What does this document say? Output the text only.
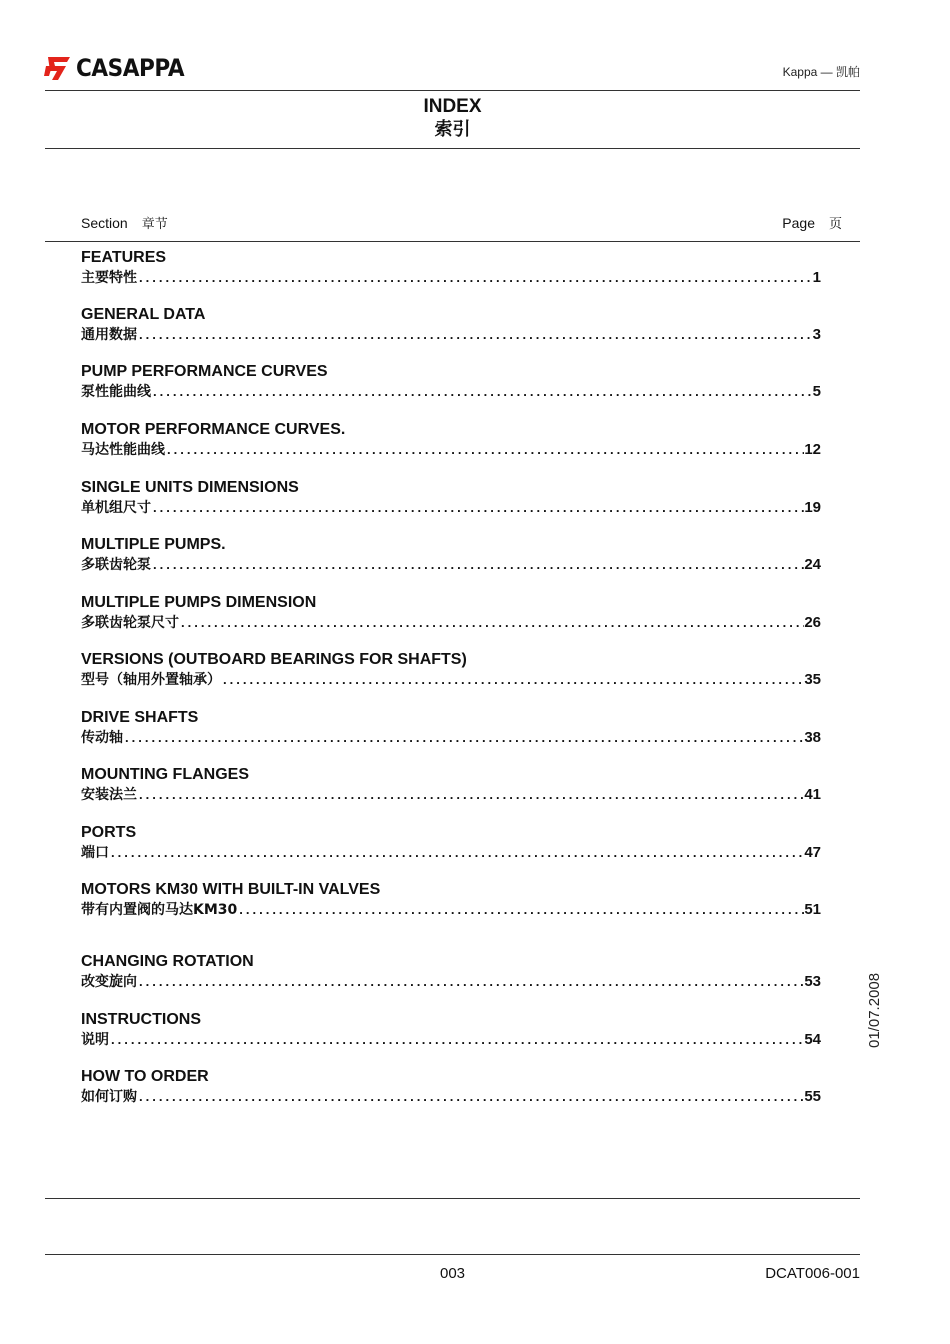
CASAPPA	Kappa — 凯帕
INDEX
索引
Section 章节	Page 页
FEATURES
主要特性 .....	1
GENERAL DATA
通用数据 .....	3
PUMP PERFORMANCE CURVES
泵性能曲线 .....	5
MOTOR PERFORMANCE CURVES.
马达性能曲线 .....	12
SINGLE UNITS DIMENSIONS
单机组尺寸 .....	19
MULTIPLE PUMPS.
多联齿轮泵 .....	24
MULTIPLE PUMPS DIMENSION
多联齿轮泵尺寸 .....	26
VERSIONS (OUTBOARD BEARINGS FOR SHAFTS)
型号（轴用外置轴承） .....	35
DRIVE SHAFTS
传动轴 .....	38
MOUNTING FLANGES
安装法兰 .....	41
PORTS
端口 .....	47
MOTORS KM30 WITH BUILT-IN VALVES
带有内置阀的马达KM30 .....	51
CHANGING ROTATION
改变旋向 .....	53
INSTRUCTIONS
说明 .....	54
HOW TO ORDER
如何订购 .....	55
01/07.2008
003	DCAT006-001
